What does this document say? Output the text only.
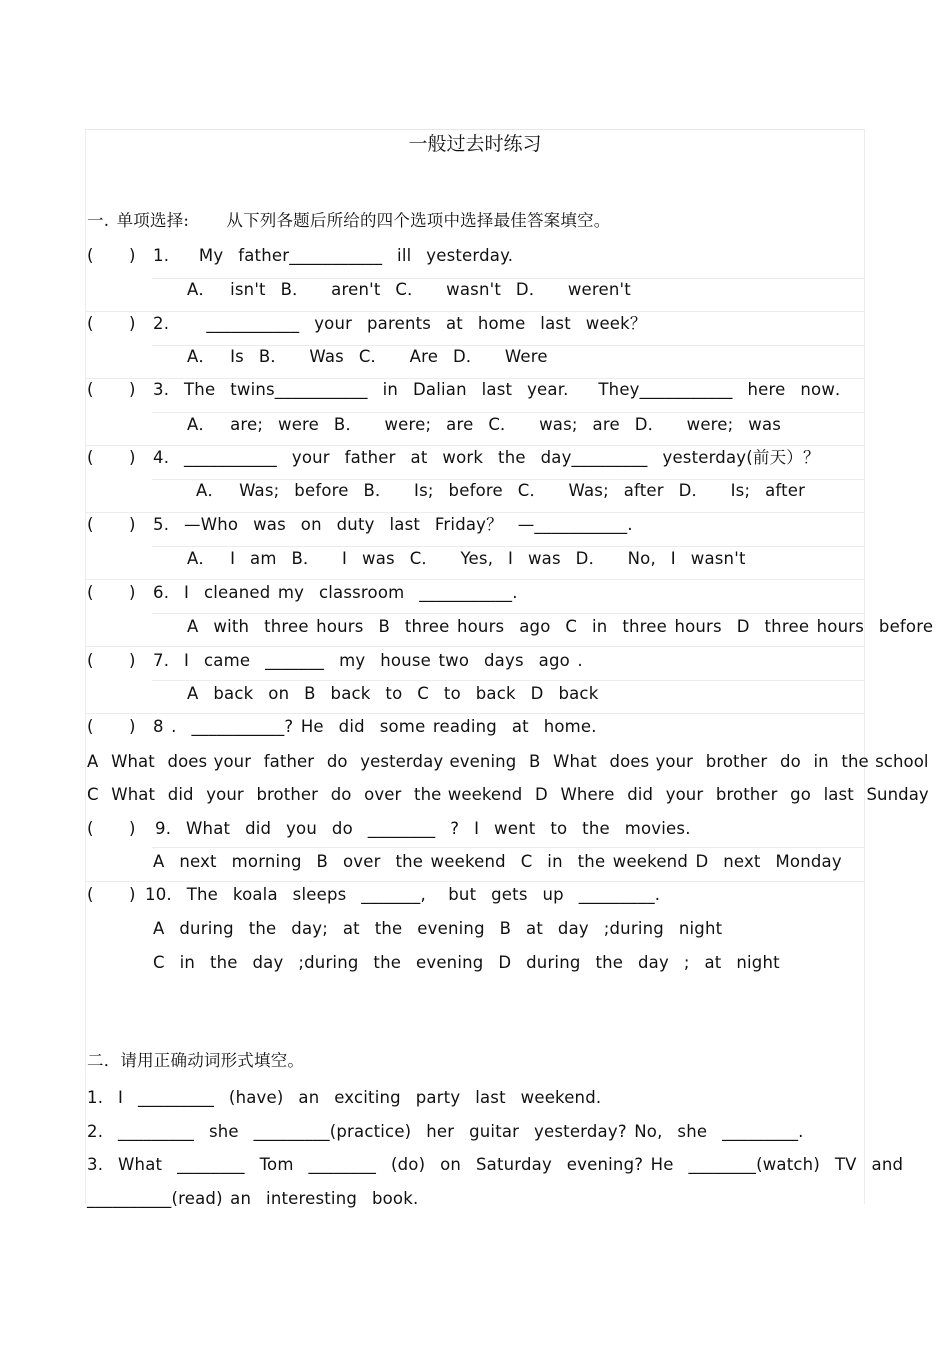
一般过去时练习
一. 单项选择:     从下列各题后所给的四个选项中选择最佳答案填空。
( ) 1.    My  father___________  ill  yesterday.
A．  isn't  B．   aren't  C．   wasn't  D．   weren't
( ) 2.     ___________  your  parents  at  home  last  week？
A．  Is  B．   Was  C．   Are  D．   Were
( ) 3.  The  twins___________  in  Dalian  last  year.    They___________  here  now．
A．  are;  were  B．   were;  are  C．   was;  are  D．   were;  was
( ) 4.  ___________  your  father  at  work  the  day_________  yesterday(前天）？
A．  Was;  before  B．   Is;  before  C．   Was;  after  D．   Is;  after
( ) 5.  —Who  was  on  duty  last  Friday？  —___________.
A．  I  am  B．   I  was  C．   Yes,  I  was  D．   No,  I  wasn't
( ) 6.  I  cleaned my  classroom  ___________.
A  with  three hours  B  three hours  ago  C  in  three hours  D  three hours  before
( ) 7.  I  came  _______  my  house two  days  ago .
A  back  on  B  back  to  C  to  back  D  back
( ) 8 .  ___________? He  did  some reading  at  home.
A  What  does your  father  do  yesterday evening  B  What  does your  brother  do  in  the school
C  What  did  your  brother  do  over  the weekend  D  Where  did  your  brother  go  last  Sunday
( ) 9.  What  did  you  do  ________  ?  I  went  to  the  movies.
A  next  morning  B  over  the weekend  C  in  the weekend D  next  Monday
( ) 10.  The  koala  sleeps  _______,   but  gets  up  _________.
A  during  the  day;  at  the  evening  B  at  day  ;during  night
C  in  the  day  ;during  the  evening  D  during  the  day  ;  at  night
二．请用正确动词形式填空。
1.  I  _________  (have)  an  exciting  party  last  weekend.
2.  _________  she  _________(practice)  her  guitar  yesterday? No,  she  _________.
3.  What  ________  Tom  ________  (do)  on  Saturday  evening? He  ________(watch)  TV  and
__________(read) an  interesting  book.
